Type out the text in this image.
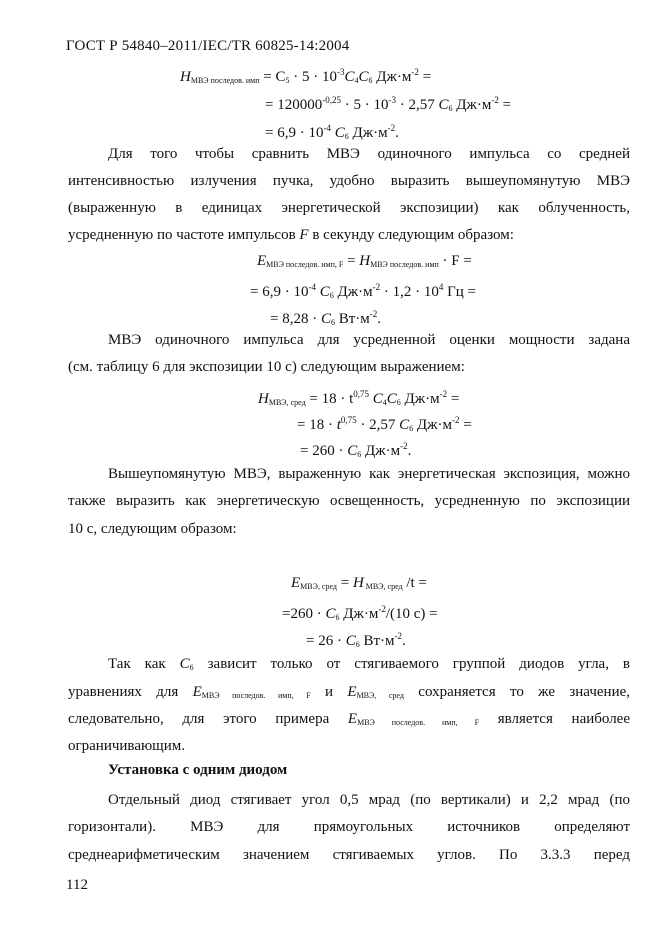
ГОСТ Р 54840–2011/IEC/TR 60825-14:2004
$H_{МВЭ последов. имп} = C_5 \cdot 5 \cdot 10^{-3}C_4C_6$ $Дж\cdot м^{-2}$ =
= $120000^{-0,25} \cdot 5 \cdot 10^{-3} \cdot 2,57$ $C_6$ $Дж\cdot м^{-2}$ =
= $6,9 \cdot 10^{-4}$ $C_6$ $Дж\cdot м^{-2}$.
Для того чтобы сравнить МВЭ одиночного импульса со средней
интенсивностью излучения пучка, удобно выразить вышеупомянутую МВЭ
(выраженную в единицах энергетической экспозиции) как облученность,
усредненную по частоте импульсов F в секунду следующим образом:
$E_{МВЭ последов. имп, F} = H_{МВЭ последов. имп} \cdot F$ =
= $6,9 \cdot 10^{-4}$ $C_6$ $Дж\cdot м^{-2} \cdot 1,2 \cdot 10^4$ Гц =
= $8,28 \cdot C_6$ $Вт\cdot м^{-2}$.
МВЭ одиночного импульса для усредненной оценки мощности задана
(см. таблицу 6 для экспозиции 10 с) следующим выражением:
$H_{МВЭ, сред} = 18 \cdot t^{0,75}$ $C_4C_6$ $Дж\cdot м^{-2}$ =
= $18 \cdot t^{0,75} \cdot 2,57$ $C_6$ $Дж\cdot м^{-2}$ =
= $260 \cdot C_6$ $Дж\cdot м^{-2}$.
Вышеупомянутую МВЭ, выраженную как энергетическая экспозиция, можно
также выразить как энергетическую освещенность, усредненную по экспозиции
10 с, следующим образом:
$E_{МВЭ, сред} = H$ $_{МВЭ, сред}$ /t =
$=260 \cdot C_6$ $Дж\cdot м^{-2}/(10$ с) =
= $26 \cdot C_6$ $Вт\cdot м^{-2}$.
Так как $C_6$ зависит только от стягиваемого группой диодов угла, в
уравнениях для $E_{МВЭ последов. имп, F}$ и $E_{МВЭ, сред}$ сохраняется то же значение,
следовательно, для этого примера $E_{МВЭ последов. имп, F}$ является наиболее
ограничивающим.
Установка с одним диодом
Отдельный диод стягивает угол 0,5 мрад (по вертикали) и 2,2 мрад (по
горизонтали). МВЭ для прямоугольных источников определяют
среднеарифметическим значением стягиваемых углов. По 3.3.3 перед
112
